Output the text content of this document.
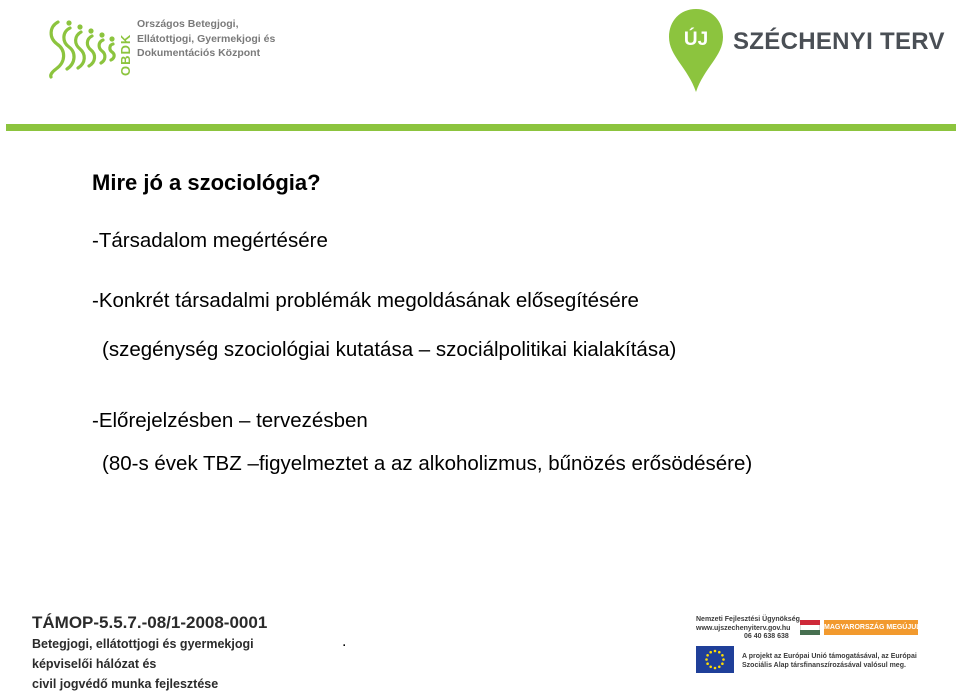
OBDK
Országos Betegjogi,
Ellátottjogi, Gyermekjogi és
Dokumentációs Központ
ÚJ SZÉCHENYI TERV
Mire jó a szociológia?
-Társadalom megértésére
-Konkrét társadalmi problémák megoldásának elősegítésére
(szegénység szociológiai kutatása – szociálpolitikai kialakítása)
-Előrejelzésben – tervezésben
(80-s évek TBZ –figyelmeztet a az alkoholizmus, bűnözés erősödésére)
TÁMOP-5.5.7.-08/1-2008-0001
Betegjogi, ellátottjogi és gyermekjogi
képviselői hálózat és
civil jogvédő munka fejlesztése
.
Nemzeti Fejlesztési Ügynökség
www.ujszechenyiterv.gov.hu
06 40 638 638
MAGYARORSZÁG MEGÚJUL
A projekt az Európai Unió támogatásával, az Európai
Szociális Alap társfinanszírozásával valósul meg.
